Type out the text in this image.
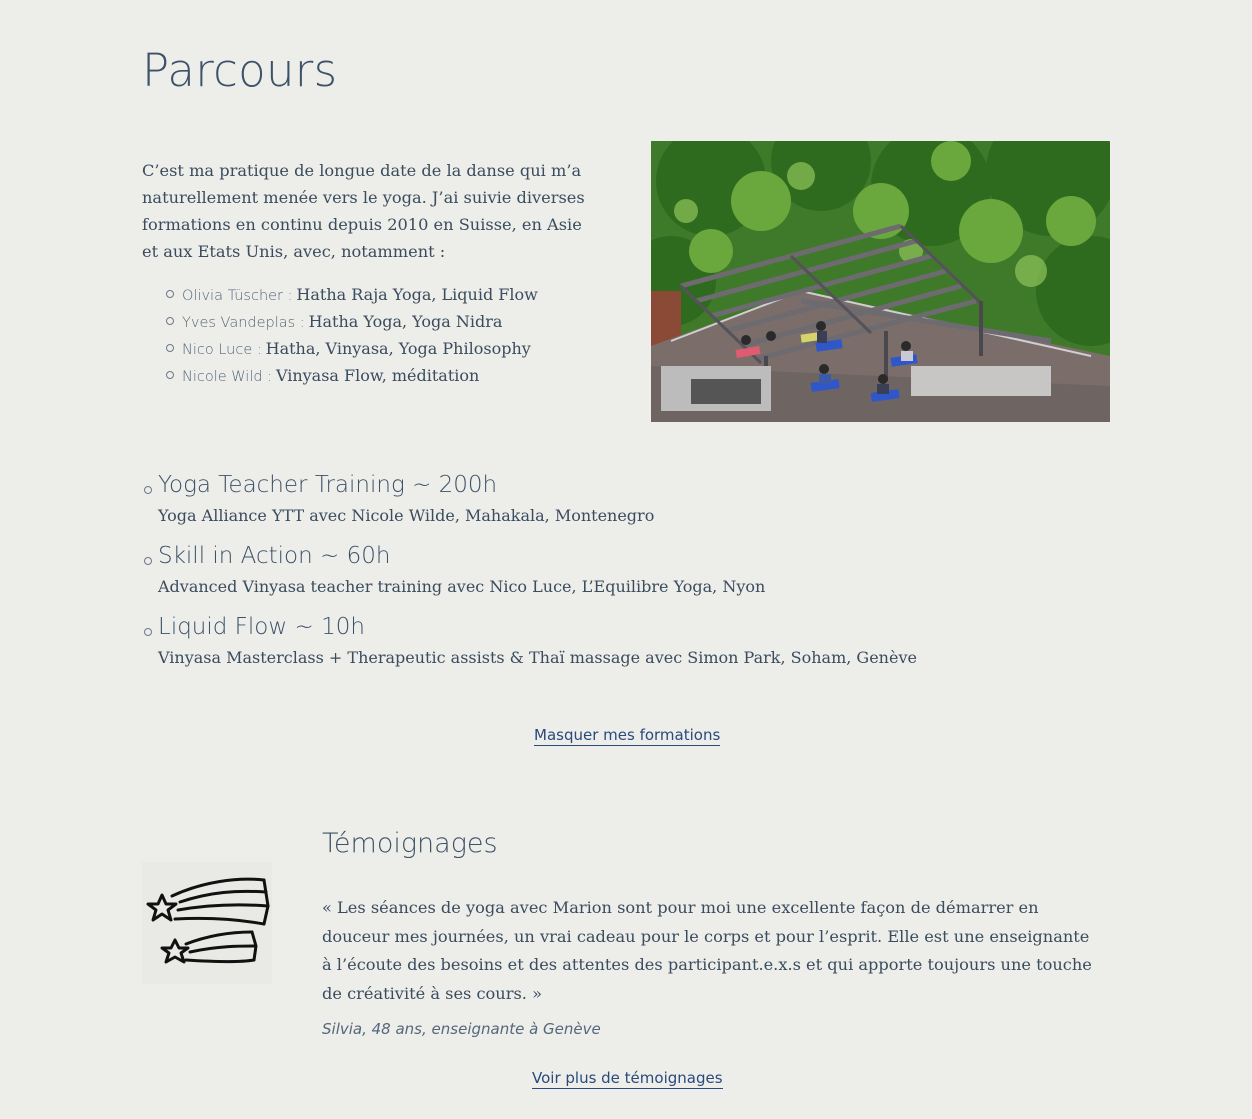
Parcours

C’est ma pratique de longue date de la danse qui m’a naturellement menée vers le yoga. J’ai suivie diverses formations en continu depuis 2010 en Suisse, en Asie et aux Etats Unis, avec, notamment :

Olivia Tüscher : Hatha Raja Yoga, Liquid Flow
Yves Vandeplas : Hatha Yoga, Yoga Nidra
Nico Luce : Hatha, Vinyasa, Yoga Philosophy
Nicole Wild : Vinyasa Flow, méditation
Yoga Teacher Training ~ 200h
Yoga Alliance YTT avec Nicole Wilde, Mahakala, Montenegro
Skill in Action ~ 60h
Advanced Vinyasa teacher training avec Nico Luce, L’Equilibre Yoga, Nyon
Liquid Flow ~ 10h
Vinyasa Masterclass + Therapeutic assists & Thaï massage avec Simon Park, Soham, Genève
Masquer mes formations
Témoignages

« Les séances de yoga avec Marion sont pour moi une excellente façon de démarrer en douceur mes journées, un vrai cadeau pour le corps et pour l’esprit. Elle est une enseignante à l’écoute des besoins et des attentes des participant.e.x.s et qui apporte toujours une touche de créativité à ses cours. »

Silvia, 48 ans, enseignante à Genève
Voir plus de témoignages
